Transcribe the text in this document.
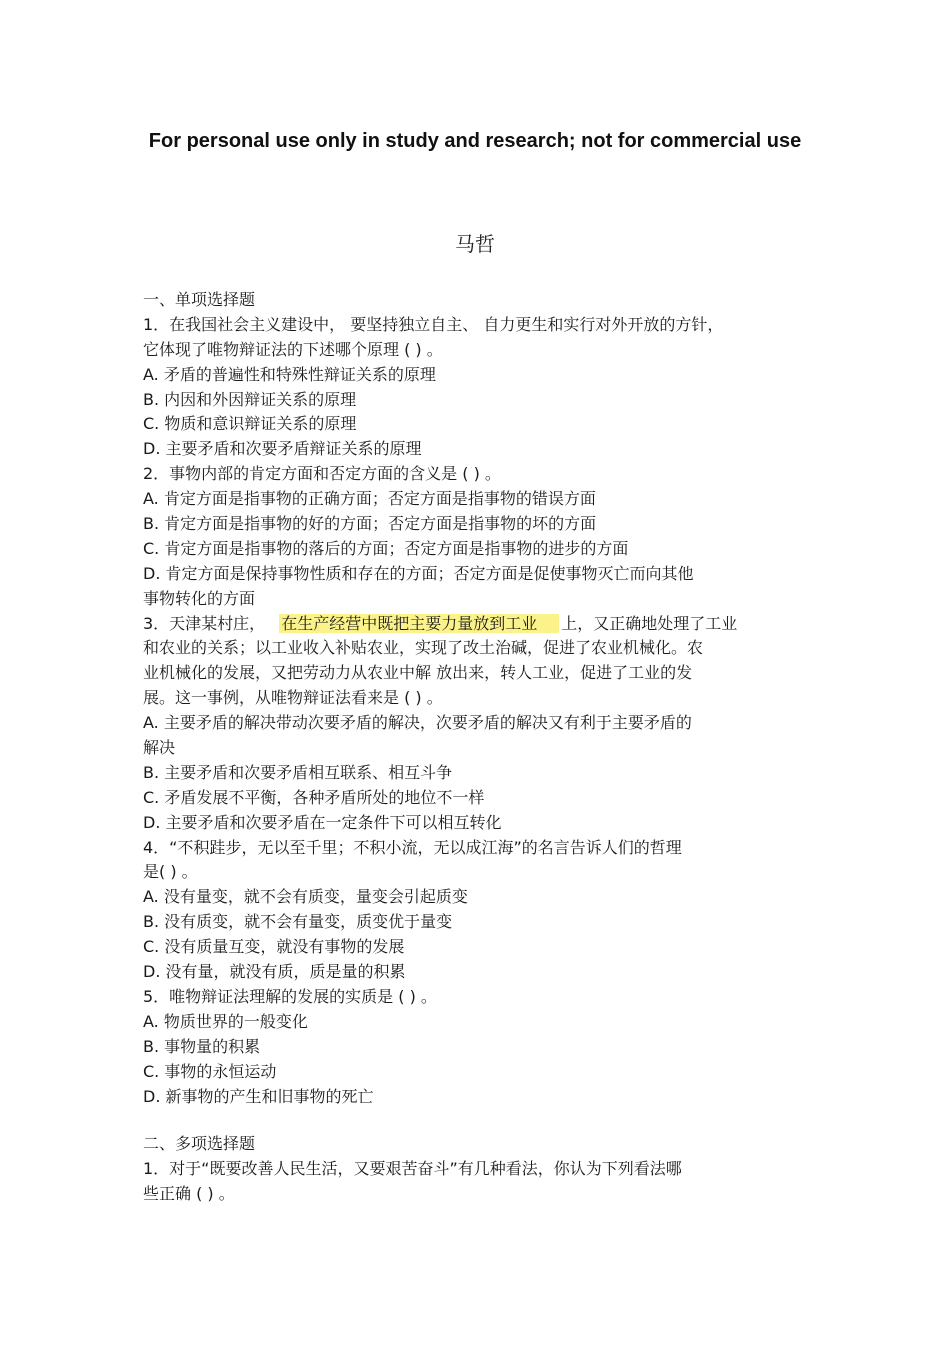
For personal use only in study and research; not for commercial use
马哲
一、单项选择题
1．在我国社会主义建设中， 要坚持独立自主、 自力更生和实行对外开放的方针，
它体现了唯物辩证法的下述哪个原理 ( ) 。
A. 矛盾的普遍性和特殊性辩证关系的原理
B. 内因和外因辩证关系的原理
C. 物质和意识辩证关系的原理
D. 主要矛盾和次要矛盾辩证关系的原理
2．事物内部的肯定方面和否定方面的含义是 ( ) 。
A. 肯定方面是指事物的正确方面；否定方面是指事物的错误方面
B. 肯定方面是指事物的好的方面；否定方面是指事物的坏的方面
C. 肯定方面是指事物的落后的方面；否定方面是指事物的进步的方面
D. 肯定方面是保持事物性质和存在的方面；否定方面是促使事物灭亡而向其他
事物转化的方面
3．天津某村庄， 在生产经营中既把主要力量放到工业 上，又正确地处理了工业
和农业的关系；以工业收入补贴农业，实现了改土治碱，促进了农业机械化。农
业机械化的发展，又把劳动力从农业中解 放出来，转人工业，促进了工业的发
展。这一事例，从唯物辩证法看来是 ( ) 。
A. 主要矛盾的解决带动次要矛盾的解决，次要矛盾的解决又有利于主要矛盾的
解决
B. 主要矛盾和次要矛盾相互联系、相互斗争
C. 矛盾发展不平衡，各种矛盾所处的地位不一样
D. 主要矛盾和次要矛盾在一定条件下可以相互转化
4．“不积跬步，无以至千里；不积小流，无以成江海”的名言告诉人们的哲理
是( ) 。
A. 没有量变，就不会有质变，量变会引起质变
B. 没有质变，就不会有量变，质变优于量变
C. 没有质量互变，就没有事物的发展
D. 没有量，就没有质，质是量的积累
5．唯物辩证法理解的发展的实质是 ( ) 。
A. 物质世界的一般变化
B. 事物量的积累
C. 事物的永恒运动
D. 新事物的产生和旧事物的死亡
二、多项选择题
1．对于“既要改善人民生活，又要艰苦奋斗”有几种看法，你认为下列看法哪
些正确 ( ) 。
